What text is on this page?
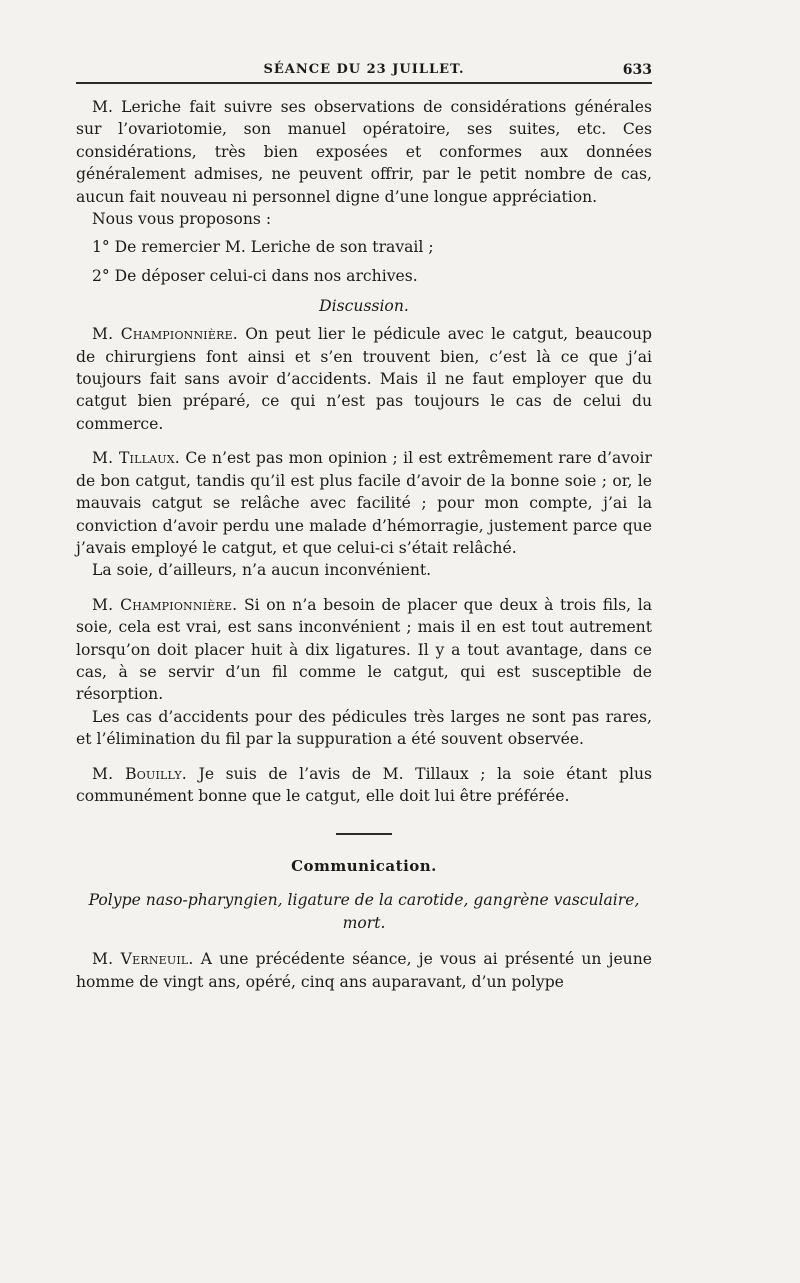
SÉANCE DU 23 JUILLET.	633

M. Leriche fait suivre ses observations de considérations générales sur l’ovariotomie, son manuel opératoire, ses suites, etc. Ces considérations, très bien exposées et conformes aux données généralement admises, ne peuvent offrir, par le petit nombre de cas, aucun fait nouveau ni personnel digne d’une longue appréciation.

Nous vous proposons :

1° De remercier M. Leriche de son travail ;

2° De déposer celui-ci dans nos archives.

Discussion.

M. Championnière. On peut lier le pédicule avec le catgut, beaucoup de chirurgiens font ainsi et s’en trouvent bien, c’est là ce que j’ai toujours fait sans avoir d’accidents. Mais il ne faut employer que du catgut bien préparé, ce qui n’est pas toujours le cas de celui du commerce.

M. Tillaux. Ce n’est pas mon opinion ; il est extrêmement rare d’avoir de bon catgut, tandis qu’il est plus facile d’avoir de la bonne soie ; or, le mauvais catgut se relâche avec facilité ; pour mon compte, j’ai la conviction d’avoir perdu une malade d’hémorragie, justement parce que j’avais employé le catgut, et que celui-ci s’était relâché.

La soie, d’ailleurs, n’a aucun inconvénient.

M. Championnière. Si on n’a besoin de placer que deux à trois fils, la soie, cela est vrai, est sans inconvénient ; mais il en est tout autrement lorsqu’on doit placer huit à dix ligatures. Il y a tout avantage, dans ce cas, à se servir d’un fil comme le catgut, qui est susceptible de résorption.

Les cas d’accidents pour des pédicules très larges ne sont pas rares, et l’élimination du fil par la suppuration a été souvent observée.

M. Bouilly. Je suis de l’avis de M. Tillaux ; la soie étant plus communément bonne que le catgut, elle doit lui être préférée.

Communication.
Polype naso-pharyngien, ligature de la carotide, gangrène vasculaire, mort.

M. Verneuil. A une précédente séance, je vous ai présenté un jeune homme de vingt ans, opéré, cinq ans auparavant, d’un polype
